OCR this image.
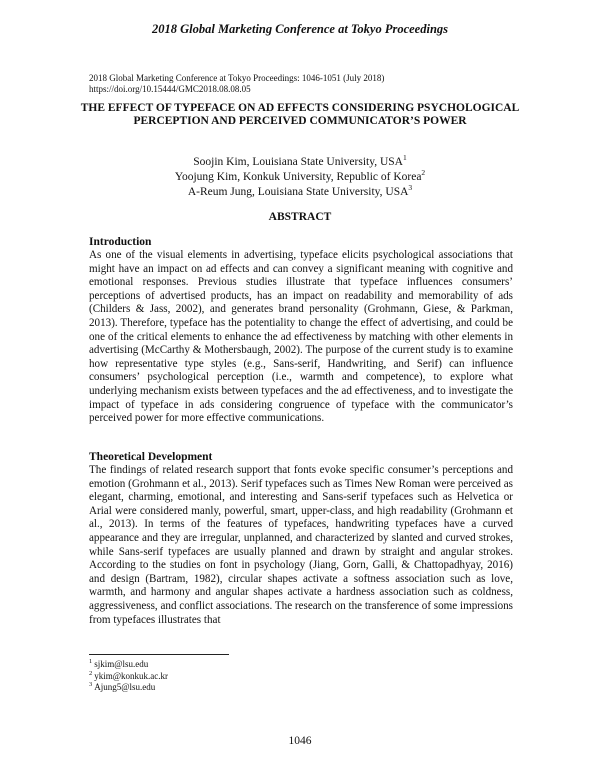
2018 Global Marketing Conference at Tokyo Proceedings
2018 Global Marketing Conference at Tokyo Proceedings: 1046-1051 (July 2018)
https://doi.org/10.15444/GMC2018.08.08.05
THE EFFECT OF TYPEFACE ON AD EFFECTS CONSIDERING PSYCHOLOGICAL PERCEPTION AND PERCEIVED COMMUNICATOR’S POWER
Soojin Kim, Louisiana State University, USA$^1$
Yoojung Kim, Konkuk University, Republic of Korea$^2$
A-Reum Jung, Louisiana State University, USA$^3$
ABSTRACT
Introduction

As one of the visual elements in advertising, typeface elicits psychological associations that might have an impact on ad effects and can convey a significant meaning with cognitive and emotional responses. Previous studies illustrate that typeface influences consumers’ perceptions of advertised products, has an impact on readability and memorability of ads (Childers & Jass, 2002), and generates brand personality (Grohmann, Giese, & Parkman, 2013). Therefore, typeface has the potentiality to change the effect of advertising, and could be one of the critical elements to enhance the ad effectiveness by matching with other elements in advertising (McCarthy & Mothersbaugh, 2002). The purpose of the current study is to examine how representative type styles (e.g., Sans-serif, Handwriting, and Serif) can influence consumers’ psychological perception (i.e., warmth and competence), to explore what underlying mechanism exists between typefaces and the ad effectiveness, and to investigate the impact of typeface in ads considering congruence of typeface with the communicator’s perceived power for more effective communications.

Theoretical Development

The findings of related research support that fonts evoke specific consumer’s perceptions and emotion (Grohmann et al., 2013). Serif typefaces such as Times New Roman were perceived as elegant, charming, emotional, and interesting and Sans-serif typefaces such as Helvetica or Arial were considered manly, powerful, smart, upper-class, and high readability (Grohmann et al., 2013). In terms of the features of typefaces, handwriting typefaces have a curved appearance and they are irregular, unplanned, and characterized by slanted and curved strokes, while Sans-serif typefaces are usually planned and drawn by straight and angular strokes. According to the studies on font in psychology (Jiang, Gorn, Galli, & Chattopadhyay, 2016) and design (Bartram, 1982), circular shapes activate a softness association such as love, warmth, and harmony and angular shapes activate a hardness association such as coldness, aggressiveness, and conflict associations. The research on the transference of some impressions from typefaces illustrates that

$^1$ sjkim@lsu.edu
$^2$ ykim@konkuk.ac.kr
$^3$ Ajung5@lsu.edu
1046
